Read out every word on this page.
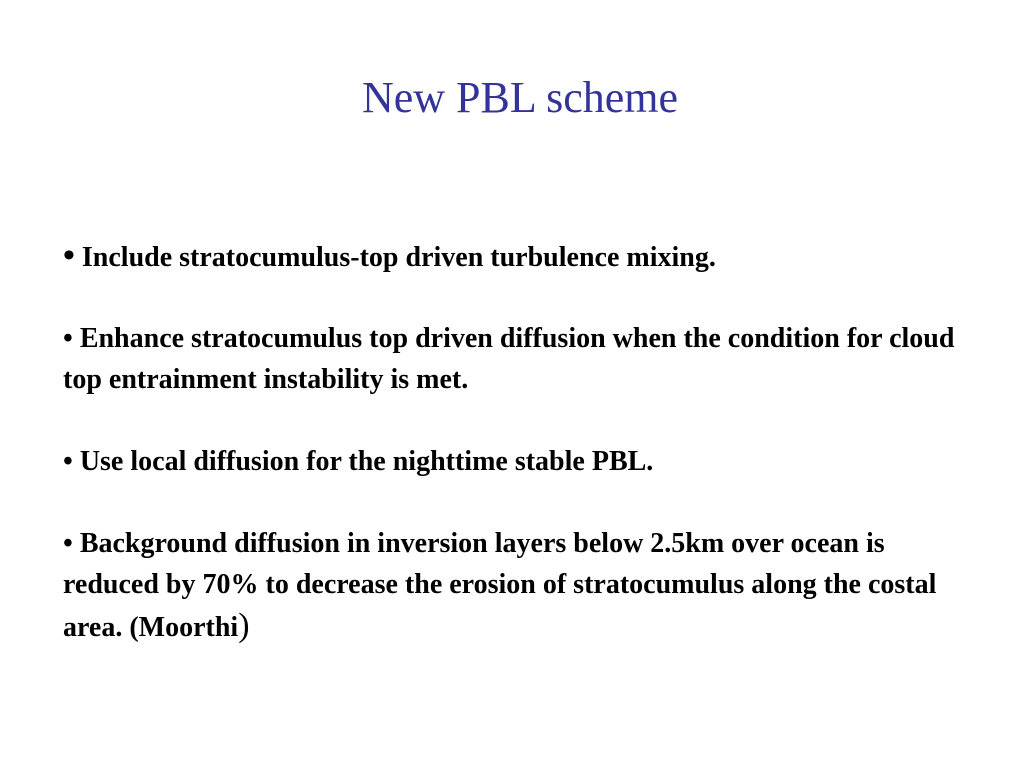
New PBL scheme
• Include stratocumulus-top driven turbulence mixing.
• Enhance stratocumulus top driven diffusion when the condition for cloud top entrainment instability is met.
• Use local diffusion for the nighttime stable PBL.
• Background diffusion in inversion layers below 2.5km over ocean is reduced by 70% to decrease the erosion of stratocumulus along the costal area. (Moorthi)
